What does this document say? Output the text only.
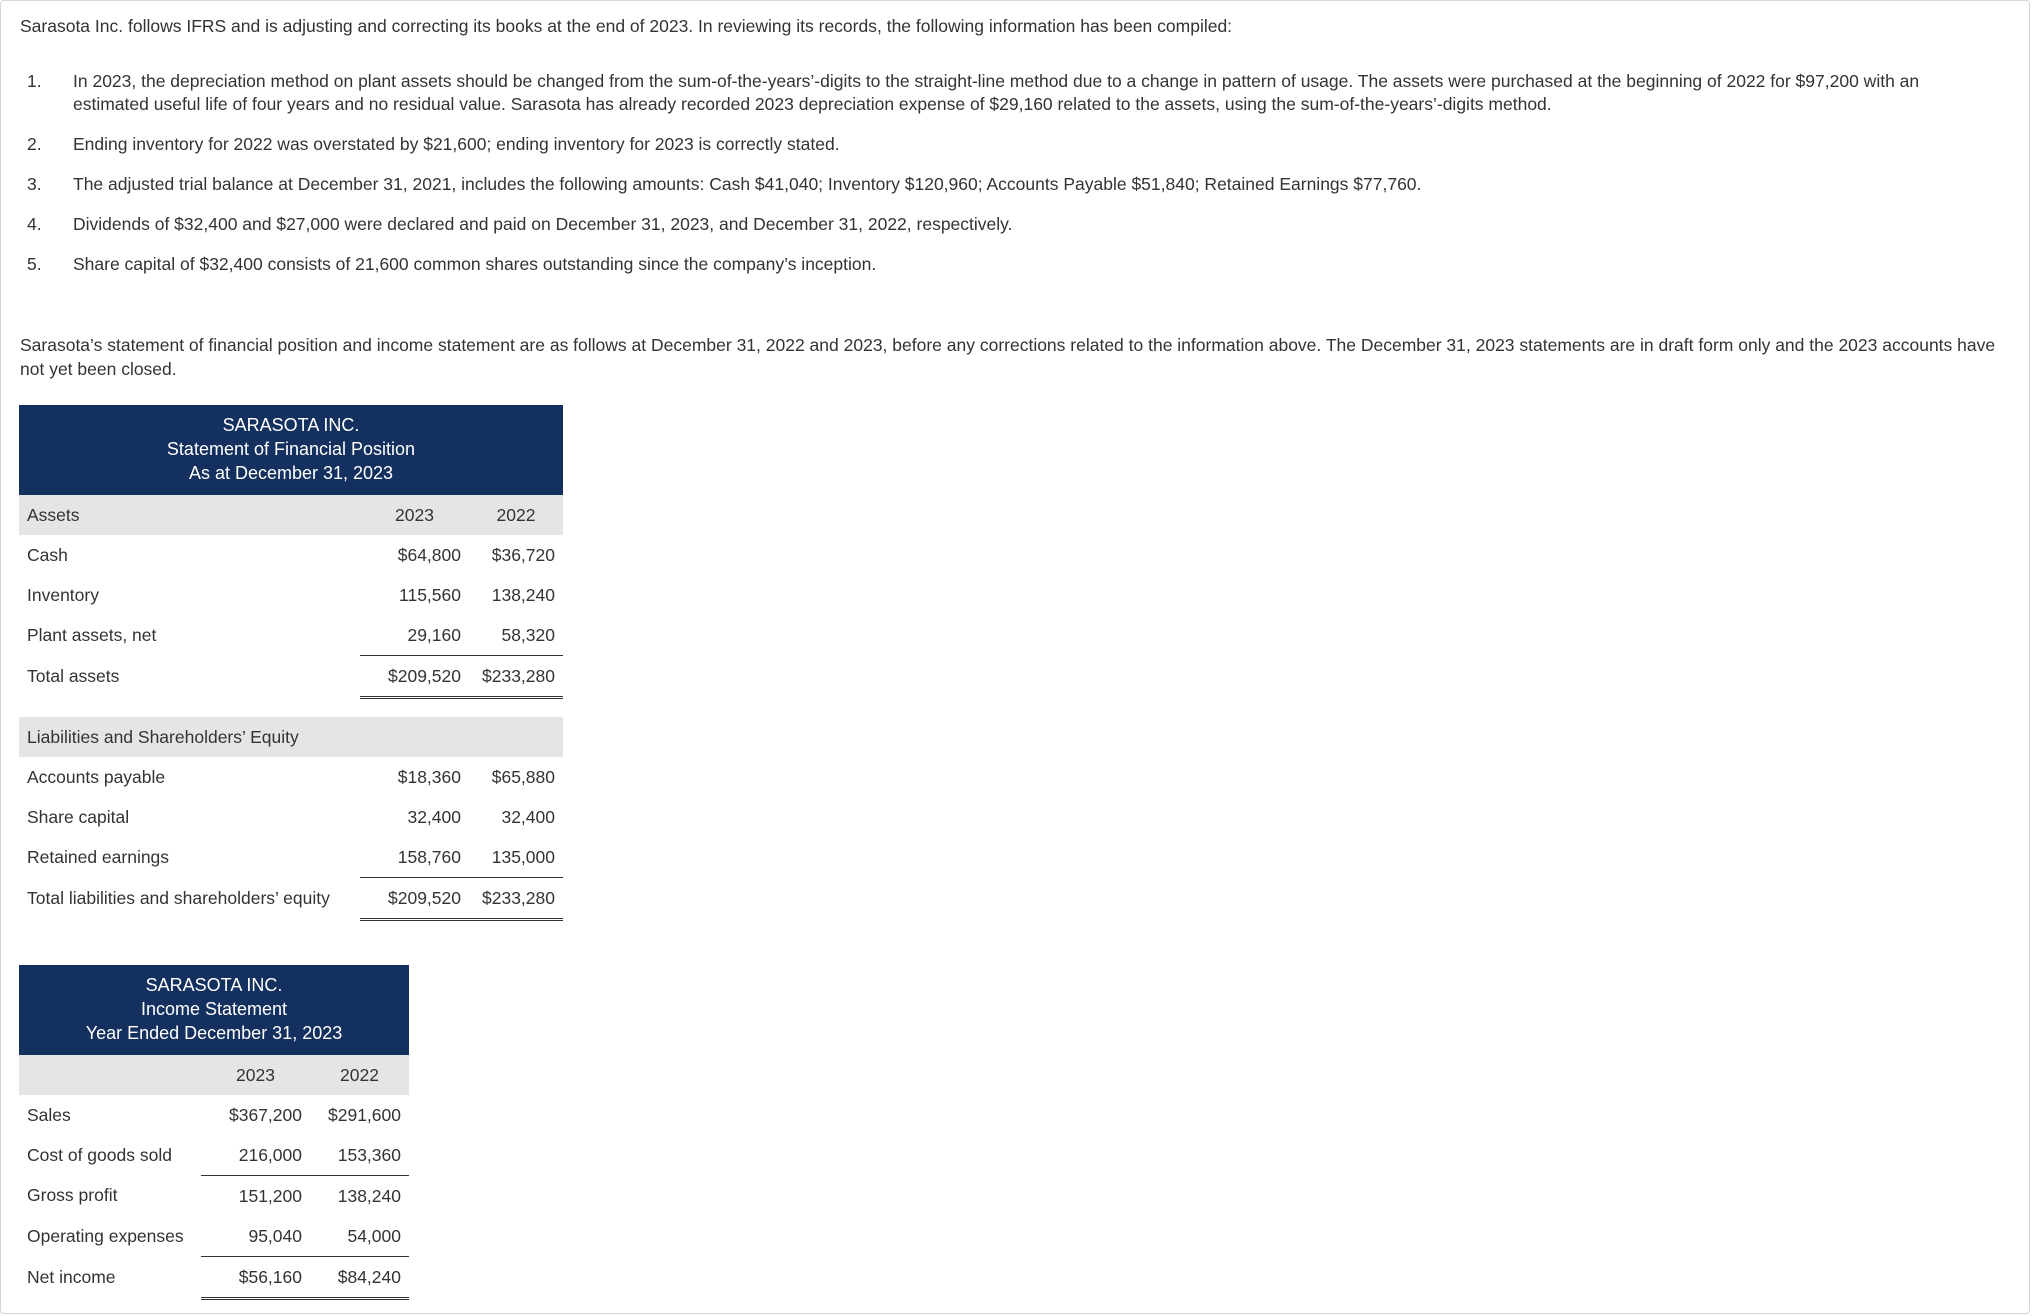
Sarasota Inc. follows IFRS and is adjusting and correcting its books at the end of 2023. In reviewing its records, the following information has been compiled:
1.	In 2023, the depreciation method on plant assets should be changed from the sum-of-the-years’-digits to the straight-line method due to a change in pattern of usage. The assets were purchased at the beginning of 2022 for $97,200 with an estimated useful life of four years and no residual value. Sarasota has already recorded 2023 depreciation expense of $29,160 related to the assets, using the sum-of-the-years’-digits method.
2.	Ending inventory for 2022 was overstated by $21,600; ending inventory for 2023 is correctly stated.
3.	The adjusted trial balance at December 31, 2021, includes the following amounts: Cash $41,040; Inventory $120,960; Accounts Payable $51,840; Retained Earnings $77,760.
4.	Dividends of $32,400 and $27,000 were declared and paid on December 31, 2023, and December 31, 2022, respectively.
5.	Share capital of $32,400 consists of 21,600 common shares outstanding since the company’s inception.
Sarasota’s statement of financial position and income statement are as follows at December 31, 2022 and 2023, before any corrections related to the information above. The December 31, 2023 statements are in draft form only and the 2023 accounts have not yet been closed.
SARASOTA INC.
Statement of Financial Position
As at December 31, 2023		

Assets	2023	2022
Cash	$64,800	$36,720
Inventory	115,560	138,240
Plant assets, net	29,160	58,320
Total assets	$209,520	$233,280

Liabilities and Shareholders’ Equity		
Accounts payable	$18,360	$65,880
Share capital	32,400	32,400
Retained earnings	158,760	135,000
Total liabilities and shareholders’ equity	$209,520	$233,280
SARASOTA INC.
Income Statement
Year Ended December 31, 2023		

	2023	2022
Sales	$367,200	$291,600
Cost of goods sold	216,000	153,360
Gross profit	151,200	138,240
Operating expenses	95,040	54,000
Net income	$56,160	$84,240
